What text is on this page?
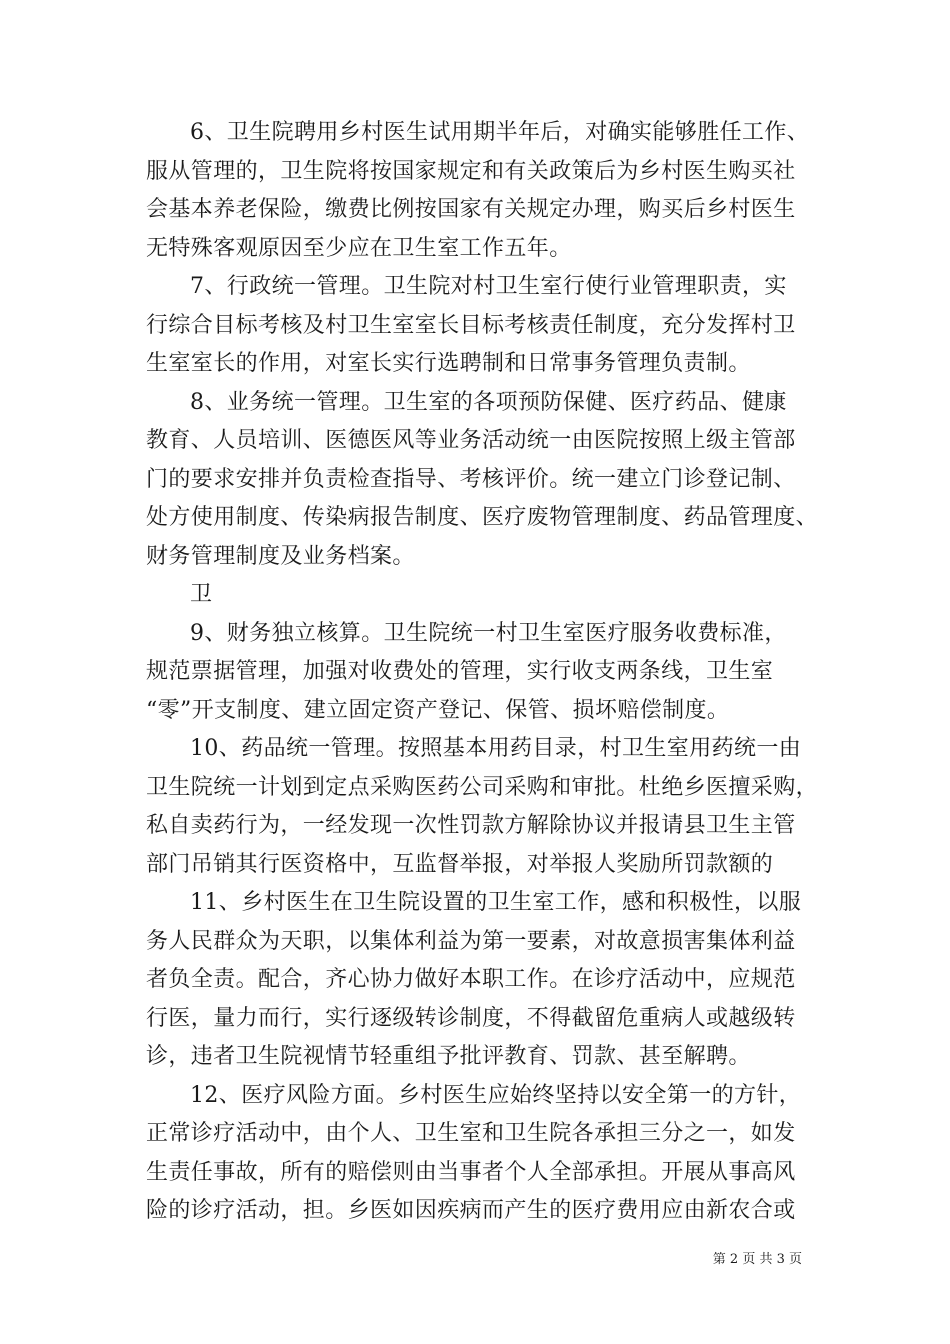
6、卫生院聘用乡村医生试用期半年后，对确实能够胜任工作、
服从管理的，卫生院将按国家规定和有关政策后为乡村医生购买社
会基本养老保险，缴费比例按国家有关规定办理，购买后乡村医生
无特殊客观原因至少应在卫生室工作五年。

7、行政统一管理。卫生院对村卫生室行使行业管理职责，实
行综合目标考核及村卫生室室长目标考核责任制度，充分发挥村卫
生室室长的作用，对室长实行选聘制和日常事务管理负责制。

8、业务统一管理。卫生室的各项预防保健、医疗药品、健康
教育、人员培训、医德医风等业务活动统一由医院按照上级主管部
门的要求安排并负责检查指导、考核评价。统一建立门诊登记制、
处方使用制度、传染病报告制度、医疗废物管理制度、药品管理度、
财务管理制度及业务档案。

卫

9、财务独立核算。卫生院统一村卫生室医疗服务收费标准，
规范票据管理，加强对收费处的管理，实行收支两条线，卫生室
“零”开支制度、建立固定资产登记、保管、损坏赔偿制度。

10、药品统一管理。按照基本用药目录，村卫生室用药统一由
卫生院统一计划到定点采购医药公司采购和审批。杜绝乡医擅采购，
私自卖药行为，一经发现一次性罚款方解除协议并报请县卫生主管
部门吊销其行医资格中，互监督举报，对举报人奖励所罚款额的

11、乡村医生在卫生院设置的卫生室工作，感和积极性，以服
务人民群众为天职，以集体利益为第一要素，对故意损害集体利益
者负全责。配合，齐心协力做好本职工作。在诊疗活动中，应规范
行医，量力而行，实行逐级转诊制度，不得截留危重病人或越级转
诊，违者卫生院视情节轻重组予批评教育、罚款、甚至解聘。

12、医疗风险方面。乡村医生应始终坚持以安全第一的方针，
正常诊疗活动中，由个人、卫生室和卫生院各承担三分之一，如发
生责任事故，所有的赔偿则由当事者个人全部承担。开展从事高风
险的诊疗活动，担。乡医如因疾病而产生的医疗费用应由新农合或

第 2 页 共 3 页
